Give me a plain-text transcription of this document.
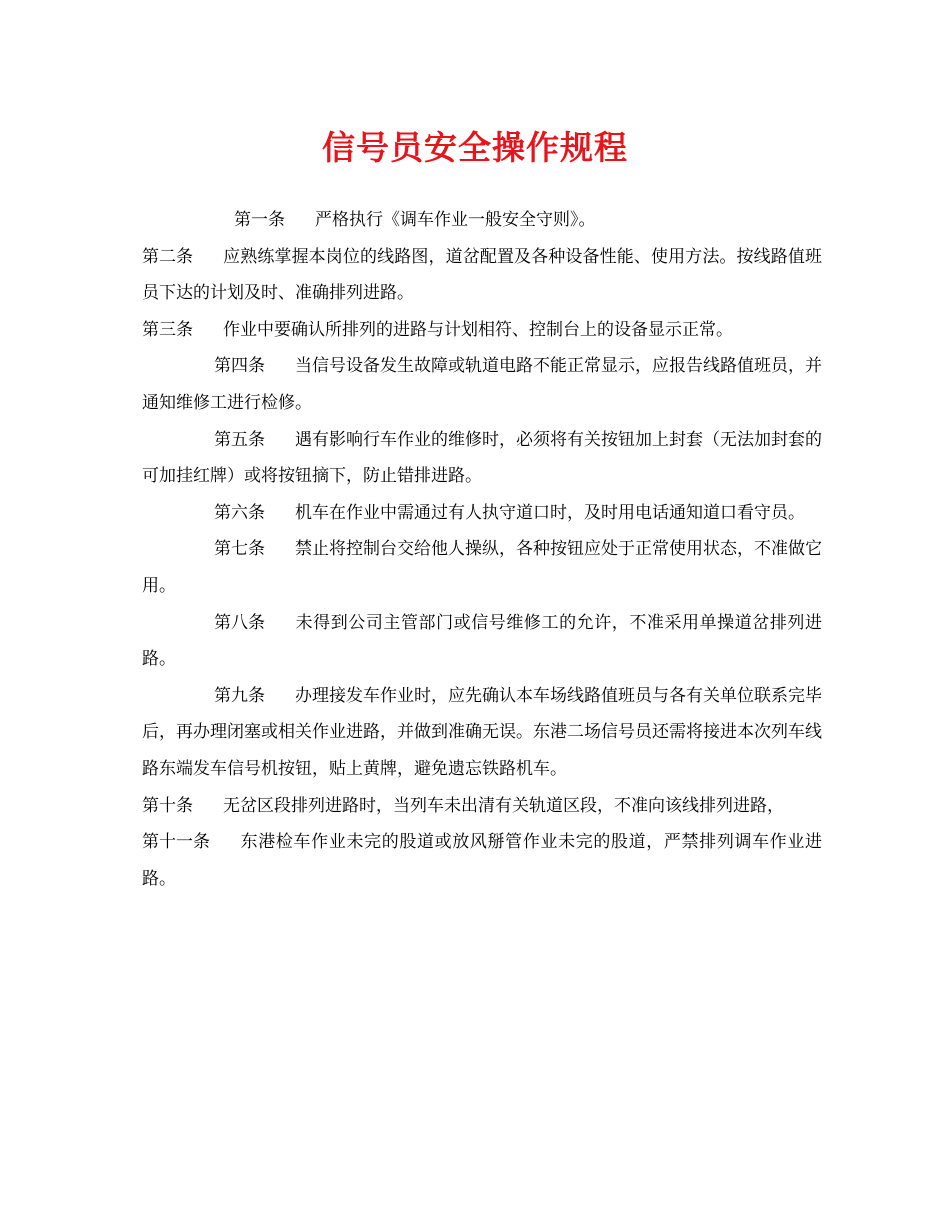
信号员安全操作规程

第一条 严格执行《调车作业一般安全守则》。

第二条 应熟练掌握本岗位的线路图，道岔配置及各种设备性能、使用方法。按线路值班员下达的计划及时、准确排列进路。

第三条 作业中要确认所排列的进路与计划相符、控制台上的设备显示正常。

第四条 当信号设备发生故障或轨道电路不能正常显示，应报告线路值班员，并通知维修工进行检修。

第五条 遇有影响行车作业的维修时，必须将有关按钮加上封套（无法加封套的可加挂红牌）或将按钮摘下，防止错排进路。

第六条 机车在作业中需通过有人执守道口时，及时用电话通知道口看守员。

第七条 禁止将控制台交给他人操纵，各种按钮应处于正常使用状态，不准做它用。

第八条 未得到公司主管部门或信号维修工的允许，不准采用单操道岔排列进路。

第九条 办理接发车作业时，应先确认本车场线路值班员与各有关单位联系完毕后，再办理闭塞或相关作业进路，并做到准确无误。东港二场信号员还需将接进本次列车线路东端发车信号机按钮，贴上黄牌，避免遗忘铁路机车。

第十条 无岔区段排列进路时，当列车未出清有关轨道区段，不准向该线排列进路，

第十一条 东港检车作业未完的股道或放风掰管作业未完的股道，严禁排列调车作业进路。
